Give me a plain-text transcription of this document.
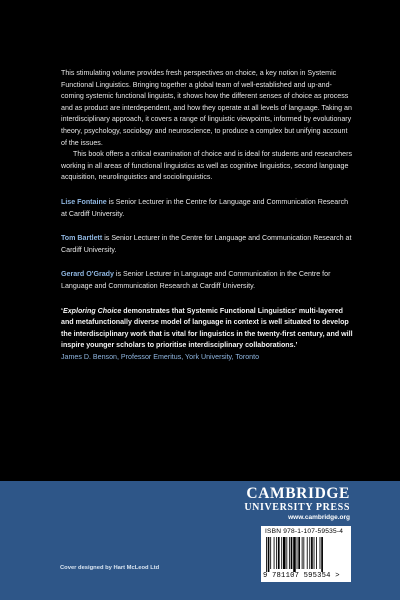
This stimulating volume provides fresh perspectives on choice, a key notion in Systemic Functional Linguistics. Bringing together a global team of well-established and up-and-coming systemic functional linguists, it shows how the different senses of choice as process and as product are interdependent, and how they operate at all levels of language. Taking an interdisciplinary approach, it covers a range of linguistic viewpoints, informed by evolutionary theory, psychology, sociology and neuroscience, to produce a complex but unifying account of the issues.

This book offers a critical examination of choice and is ideal for students and researchers working in all areas of functional linguistics as well as cognitive linguistics, second language acquisition, neurolinguistics and sociolinguistics.

Lise Fontaine is Senior Lecturer in the Centre for Language and Communication Research at Cardiff University.

Tom Bartlett is Senior Lecturer in the Centre for Language and Communication Research at Cardiff University.

Gerard O'Grady is Senior Lecturer in Language and Communication in the Centre for Language and Communication Research at Cardiff University.

‘Exploring Choice demonstrates that Systemic Functional Linguistics' multi-layered and metafunctionally diverse model of language in context is well situated to develop the interdisciplinary work that is vital for linguistics in the twenty-first century, and will inspire younger scholars to prioritise interdisciplinary collaborations.’
James D. Benson, Professor Emeritus, York University, Toronto

CAMBRIDGE
UNIVERSITY PRESS
www.cambridge.org
ISBN 978-1-107-59535-4
9 781107 595354 >
Cover designed by Hart McLeod Ltd
